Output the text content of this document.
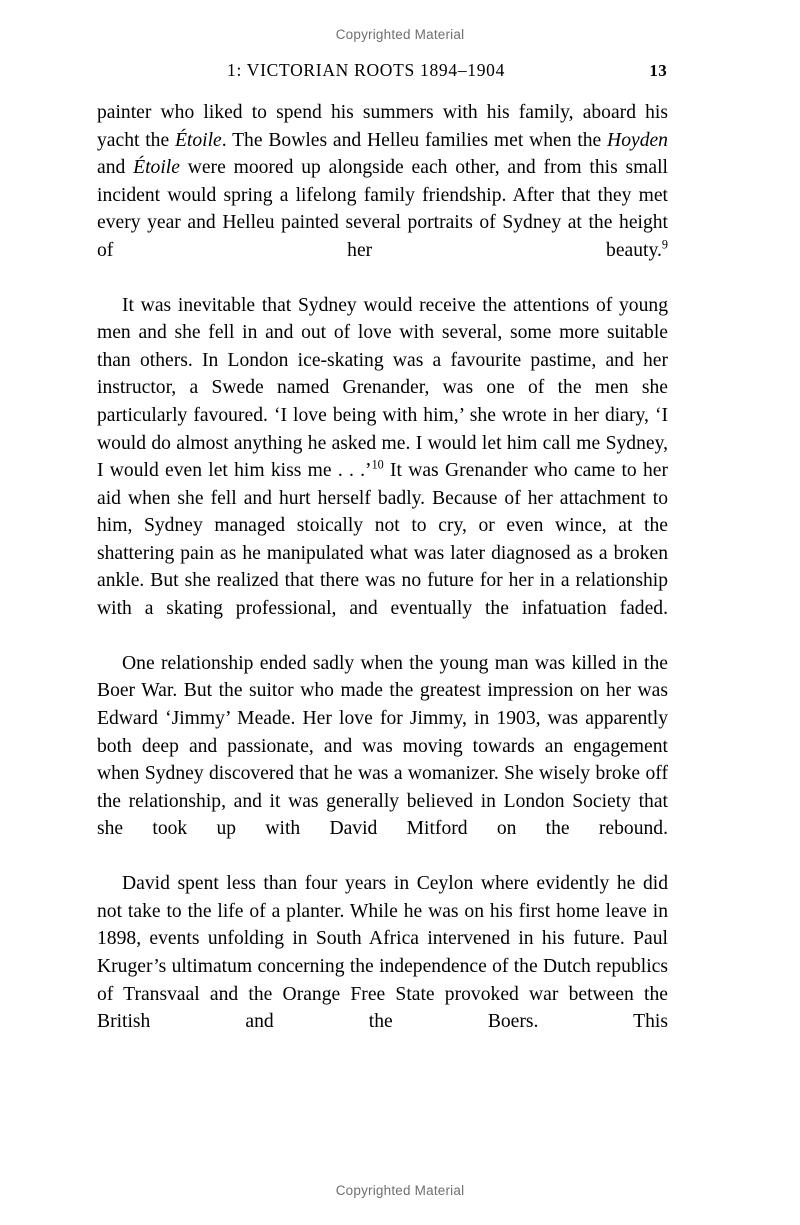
Copyrighted Material
1: VICTORIAN ROOTS 1894–1904	13

painter who liked to spend his summers with his family, aboard his yacht the Étoile. The Bowles and Helleu families met when the Hoyden and Étoile were moored up alongside each other, and from this small incident would spring a lifelong family friendship. After that they met every year and Helleu painted several portraits of Sydney at the height of her beauty.$^9$

It was inevitable that Sydney would receive the attentions of young men and she fell in and out of love with several, some more suitable than others. In London ice-skating was a favourite pastime, and her instructor, a Swede named Grenander, was one of the men she particularly favoured. ‘I love being with him,’ she wrote in her diary, ‘I would do almost anything he asked me. I would let him call me Sydney, I would even let him kiss me . . .’$^{10}$ It was Grenander who came to her aid when she fell and hurt herself badly. Because of her attachment to him, Sydney managed stoically not to cry, or even wince, at the shattering pain as he manipulated what was later diagnosed as a broken ankle. But she realized that there was no future for her in a relationship with a skating professional, and eventually the infatuation faded.

One relationship ended sadly when the young man was killed in the Boer War. But the suitor who made the greatest impression on her was Edward ‘Jimmy’ Meade. Her love for Jimmy, in 1903, was apparently both deep and passionate, and was moving towards an engagement when Sydney discovered that he was a womanizer. She wisely broke off the relationship, and it was generally believed in London Society that she took up with David Mitford on the rebound.

David spent less than four years in Ceylon where evidently he did not take to the life of a planter. While he was on his first home leave in 1898, events unfolding in South Africa intervened in his future. Paul Kruger’s ultimatum concerning the independence of the Dutch republics of Transvaal and the Orange Free State provoked war between the British and the Boers. This

Copyrighted Material
